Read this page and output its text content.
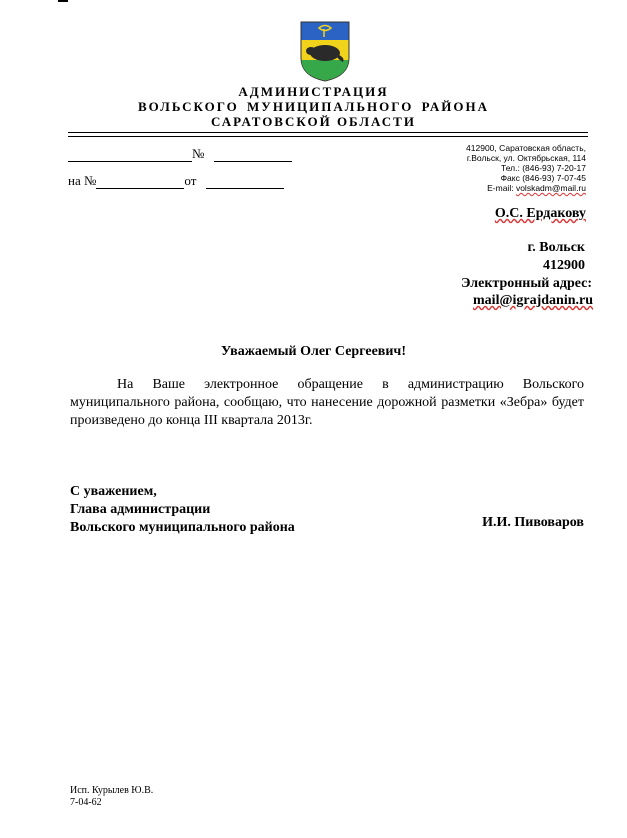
АДМИНИСТРАЦИЯ
ВОЛЬСКОГО МУНИЦИПАЛЬНОГО РАЙОНА
САРАТОВСКОЙ ОБЛАСТИ
№
на №	от
412900, Саратовская область,
г.Вольск, ул. Октябрьская, 114
Тел.: (846-93) 7-20-17
Факс (846-93) 7-07-45
E-mail: volskadm@mail.ru
О.С. Ердакову
г. Вольск
412900
Электронный адрес:
mail@igrajdanin.ru
Уважаемый Олег Сергеевич!

На Ваше электронное обращение в администрацию Вольского муниципального района, сообщаю, что нанесение дорожной разметки «Зебра» будет произведено до конца III квартала 2013г.

С уважением,
Глава администрации
Вольского муниципального района	И.И. Пивоваров
Исп. Курылев Ю.В.
7-04-62
